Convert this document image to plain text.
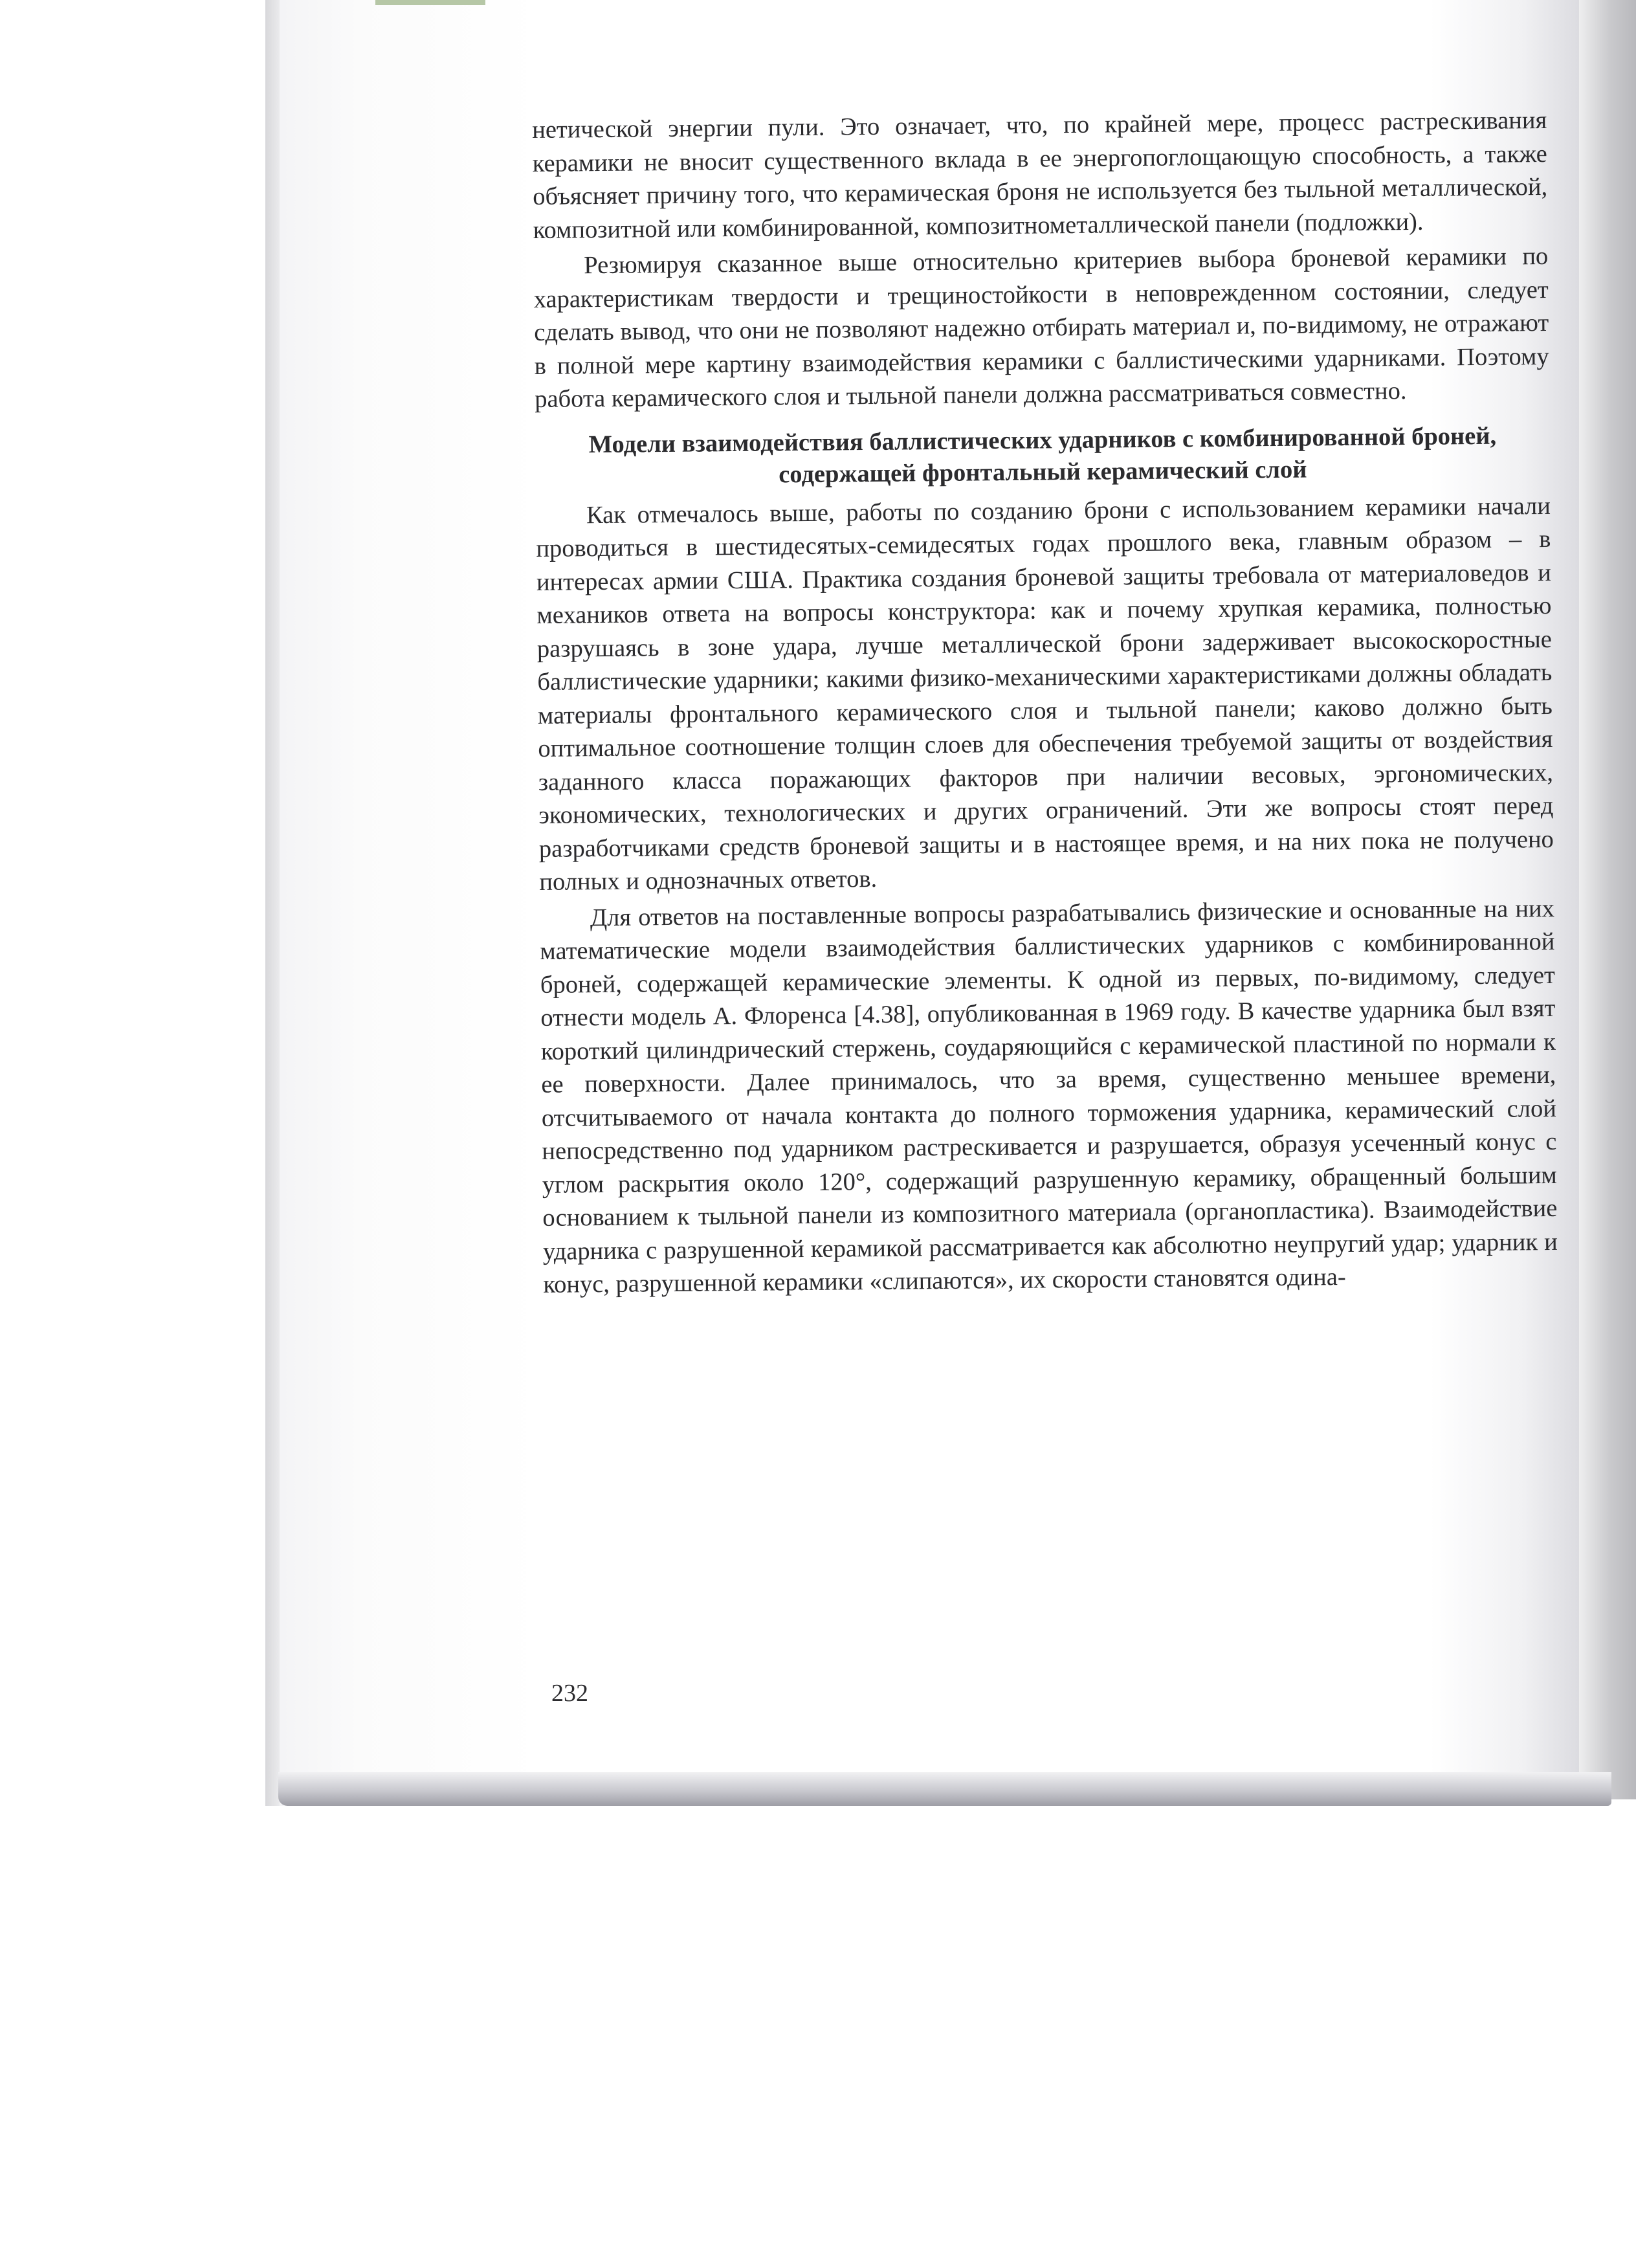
нетической энергии пули. Это означает, что, по крайней мере, процесс растрескивания керамики не вносит существенного вклада в ее энергопоглощающую способность, а также объясняет причину того, что керамическая броня не используется без тыльной металлической, композитной или комбинированной, композитнометаллической панели (подложки).

Резюмируя сказанное выше относительно критериев выбора броневой керамики по характеристикам твердости и трещиностойкости в неповрежденном состоянии, следует сделать вывод, что они не позволяют надежно отбирать материал и, по-видимому, не отражают в полной мере картину взаимодействия керамики с баллистическими ударниками. Поэтому работа керамического слоя и тыльной панели должна рассматриваться совместно.

Модели взаимодействия баллистических ударников с комбинированной броней, содержащей фронтальный керамический слой

Как отмечалось выше, работы по созданию брони с использованием керамики начали проводиться в шестидесятых-семидесятых годах прошлого века, главным образом – в интересах армии США. Практика создания броневой защиты требовала от материаловедов и механиков ответа на вопросы конструктора: как и почему хрупкая керамика, полностью разрушаясь в зоне удара, лучше металлической брони задерживает высокоскоростные баллистические ударники; какими физико-механическими характеристиками должны обладать материалы фронтального керамического слоя и тыльной панели; каково должно быть оптимальное соотношение толщин слоев для обеспечения требуемой защиты от воздействия заданного класса поражающих факторов при наличии весовых, эргономических, экономических, технологических и других ограничений. Эти же вопросы стоят перед разработчиками средств броневой защиты и в настоящее время, и на них пока не получено полных и однозначных ответов.

Для ответов на поставленные вопросы разрабатывались физические и основанные на них математические модели взаимодействия баллистических ударников с комбинированной броней, содержащей керамические элементы. К одной из первых, по-видимому, следует отнести модель А. Флоренса [4.38], опубликованная в 1969 году. В качестве ударника был взят короткий цилиндрический стержень, соударяющийся с керамической пластиной по нормали к ее поверхности. Далее принималось, что за время, существенно меньшее времени, отсчитываемого от начала контакта до полного торможения ударника, керамический слой непосредственно под ударником растрескивается и разрушается, образуя усеченный конус с углом раскрытия около 120°, содержащий разрушенную керамику, обращенный большим основанием к тыльной панели из композитного материала (органопластика). Взаимодействие ударника с разрушенной керамикой рассматривается как абсолютно неупругий удар; ударник и конус, разрушенной керамики «слипаются», их скорости становятся одина-

232
